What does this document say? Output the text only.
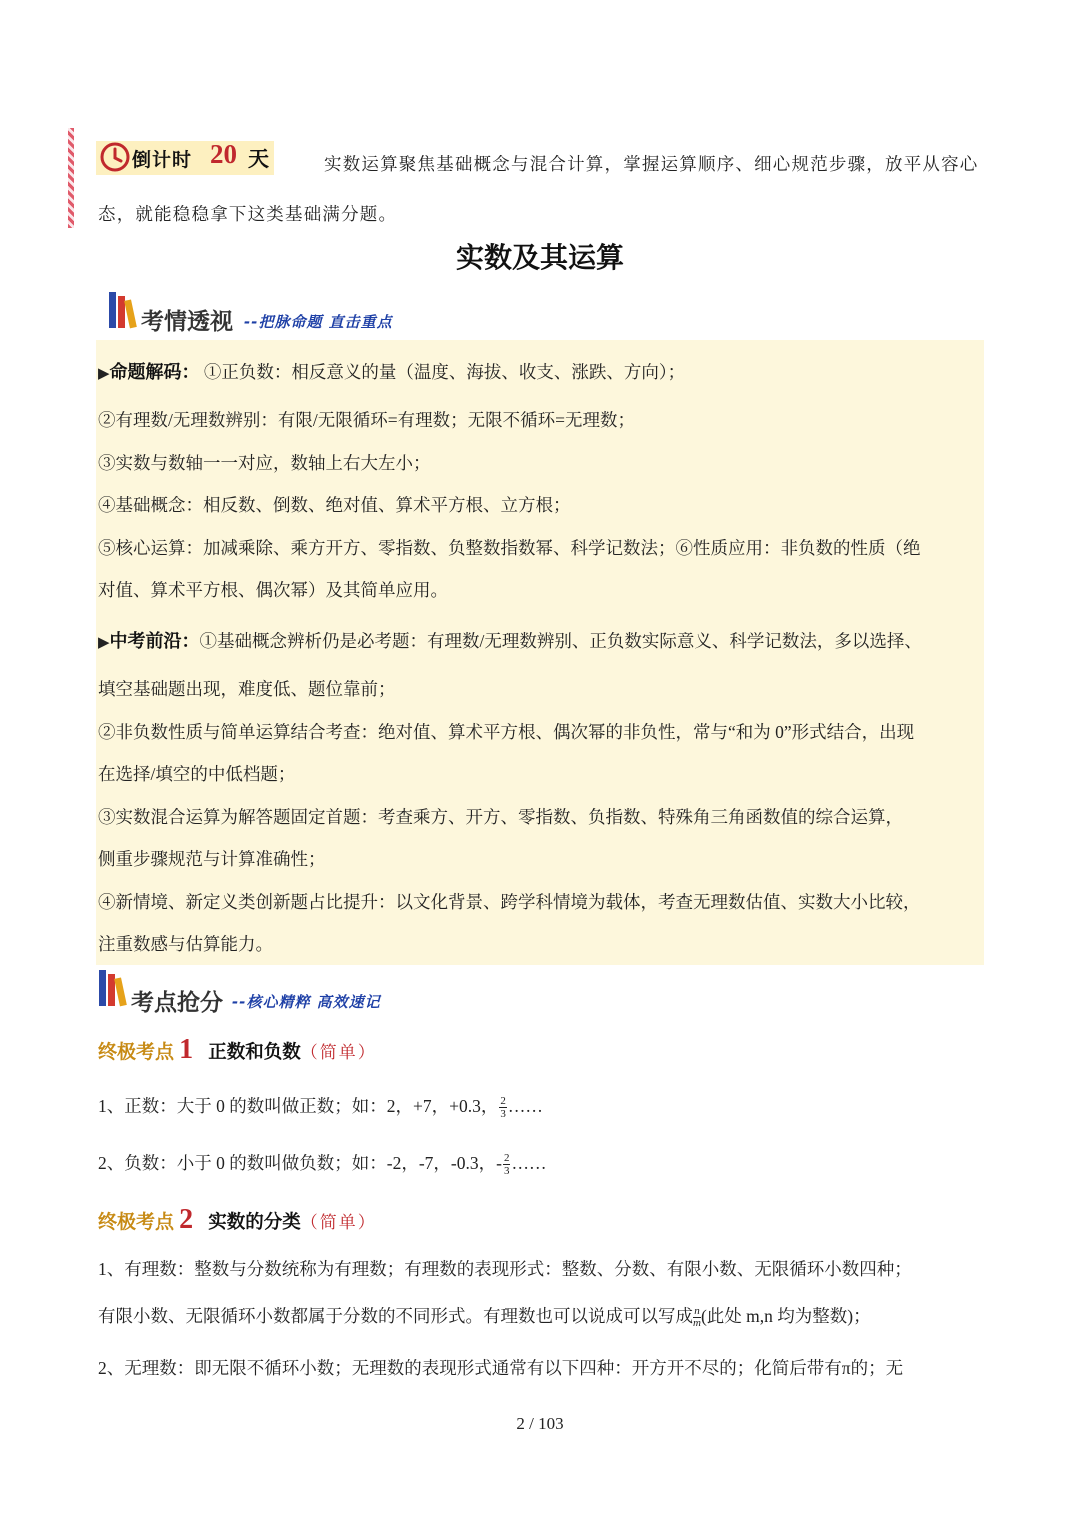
倒计时 20 天	实数运算聚焦基础概念与混合计算，掌握运算顺序、细心规范步骤，放平从容心态，就能稳稳拿下这类基础满分题。

实数及其运算
考情透视 --把脉命题 直击重点
▶命题解码： ①正负数：相反意义的量（温度、海拔、收支、涨跌、方向）；
②有理数/无理数辨别：有限/无限循环=有理数；无限不循环=无理数；
③实数与数轴一一对应，数轴上右大左小；
④基础概念：相反数、倒数、绝对值、算术平方根、立方根；
⑤核心运算：加减乘除、乘方开方、零指数、负整数指数幂、科学记数法；⑥性质应用：非负数的性质（绝
对值、算术平方根、偶次幂）及其简单应用。
▶中考前沿：①基础概念辨析仍是必考题：有理数/无理数辨别、正负数实际意义、科学记数法，多以选择、
填空基础题出现，难度低、题位靠前；
②非负数性质与简单运算结合考查：绝对值、算术平方根、偶次幂的非负性，常与“和为 0”形式结合，出现
在选择/填空的中低档题；
③实数混合运算为解答题固定首题：考查乘方、开方、零指数、负指数、特殊角三角函数值的综合运算，
侧重步骤规范与计算准确性；
④新情境、新定义类创新题占比提升：以文化背景、跨学科情境为载体，考查无理数估值、实数大小比较，
注重数感与估算能力。
考点抢分 --核心精粹 高效速记
终极考点 1 正数和负数（简单）
1、正数：大于 0 的数叫做正数；如：2，+7，+0.3， $\frac{2}{3}$ ……
2、负数：小于 0 的数叫做负数；如：-2，-7，-0.3，- $\frac{2}{3}$ ……
终极考点 2 实数的分类（简单）
1、有理数：整数与分数统称为有理数；有理数的表现形式：整数、分数、有限小数、无限循环小数四种；
有限小数、无限循环小数都属于分数的不同形式。有理数也可以说成可以写成 $\frac{n}{m}$ (此处 m,n 均为整数)；
2、无理数：即无限不循环小数；无理数的表现形式通常有以下四种：开方开不尽的；化简后带有π的；无
2 / 103
